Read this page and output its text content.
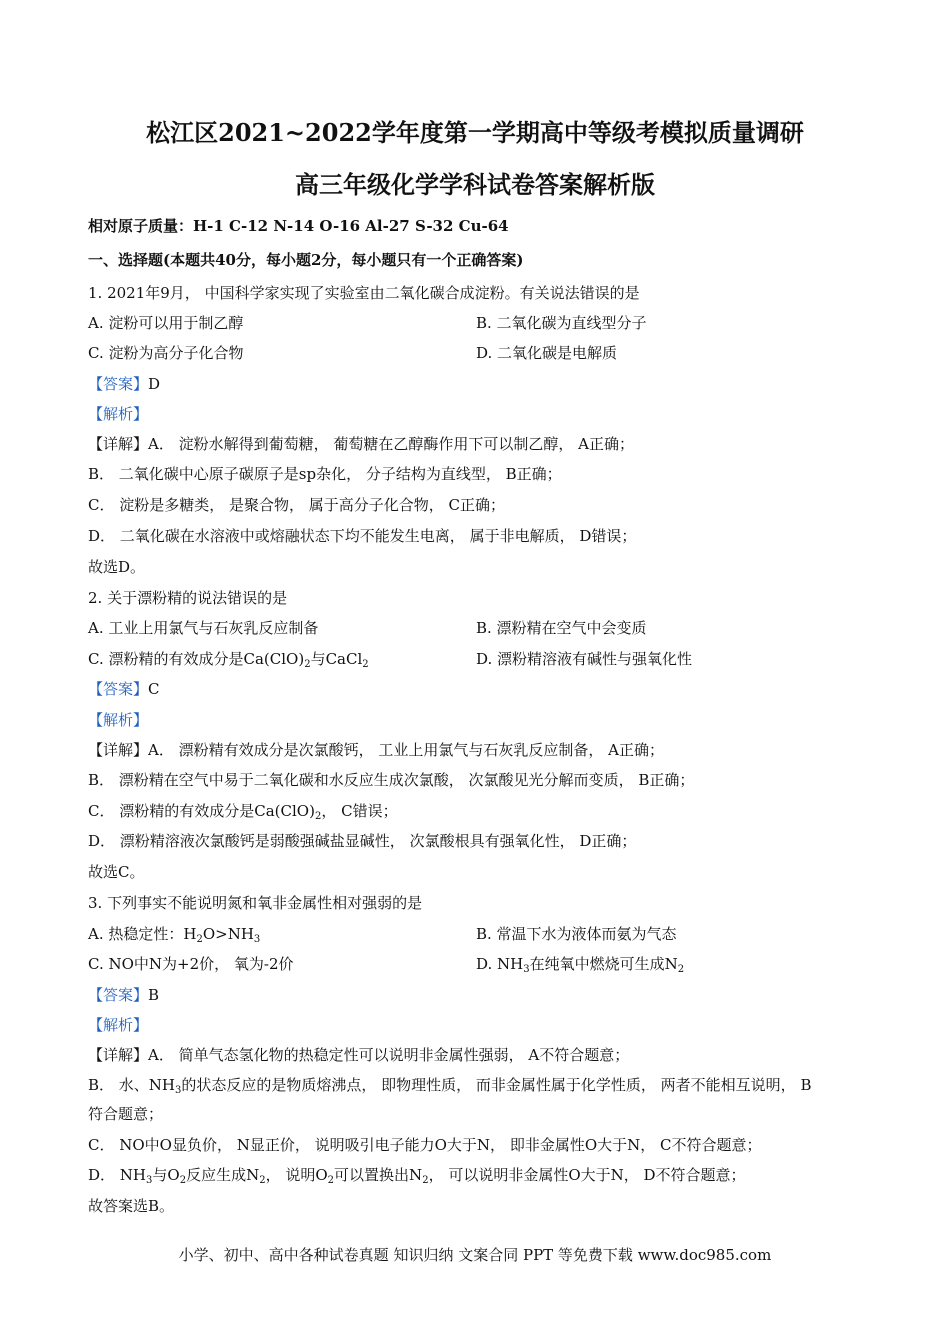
松江区2021~2022学年度第一学期高中等级考模拟质量调研
高三年级化学学科试卷答案解析版
相对原子质量：H-1 C-12 N-14 O-16 Al-27 S-32 Cu-64
一、选择题(本题共40分，每小题2分，每小题只有一个正确答案)
1. 2021年9月， 中国科学家实现了实验室由二氧化碳合成淀粉。有关说法错误的是
A. 淀粉可以用于制乙醇	B. 二氧化碳为直线型分子
C. 淀粉为高分子化合物	D. 二氧化碳是电解质
【答案】D
【解析】
【详解】A． 淀粉水解得到葡萄糖， 葡萄糖在乙醇酶作用下可以制乙醇， A正确；
B． 二氧化碳中心原子碳原子是sp杂化， 分子结构为直线型， B正确；
C． 淀粉是多糖类， 是聚合物， 属于高分子化合物， C正确；
D． 二氧化碳在水溶液中或熔融状态下均不能发生电离， 属于非电解质， D错误；
故选D。
2. 关于漂粉精的说法错误的是
A. 工业上用氯气与石灰乳反应制备	B. 漂粉精在空气中会变质
C. 漂粉精的有效成分是$Ca(ClO)_2$与CaCl$_2$	D. 漂粉精溶液有碱性与强氧化性
【答案】C
【解析】
【详解】A． 漂粉精有效成分是次氯酸钙， 工业上用氯气与石灰乳反应制备， A正确；
B． 漂粉精在空气中易于二氧化碳和水反应生成次氯酸， 次氯酸见光分解而变质， B正确；
C． 漂粉精的有效成分是$Ca(ClO)_2$， C错误；
D． 漂粉精溶液次氯酸钙是弱酸强碱盐显碱性， 次氯酸根具有强氧化性， D正确；
故选C。
3. 下列事实不能说明氮和氧非金属性相对强弱的是
A. 热稳定性：$H_2O>NH_3$	B. 常温下水为液体而氨为气态
C. NO中N为+2价， 氧为-2价	D. $NH_3$在纯氧中燃烧可生成$N_2$
【答案】B
【解析】
【详解】A． 简单气态氢化物的热稳定性可以说明非金属性强弱， A不符合题意；
B． 水、$NH_3$的状态反应的是物质熔沸点， 即物理性质， 而非金属性属于化学性质， 两者不能相互说明， B
符合题意；
C． NO中O显负价， N显正价， 说明吸引电子能力O大于N， 即非金属性O大于N， C不符合题意；
D． $NH_3$与$O_2$反应生成$N_2$， 说明$O_2$可以置换出$N_2$， 可以说明非金属性O大于N， D不符合题意；
故答案选B。
小学、初中、高中各种试卷真题 知识归纳 文案合同 PPT 等免费下载 www.doc985.com
